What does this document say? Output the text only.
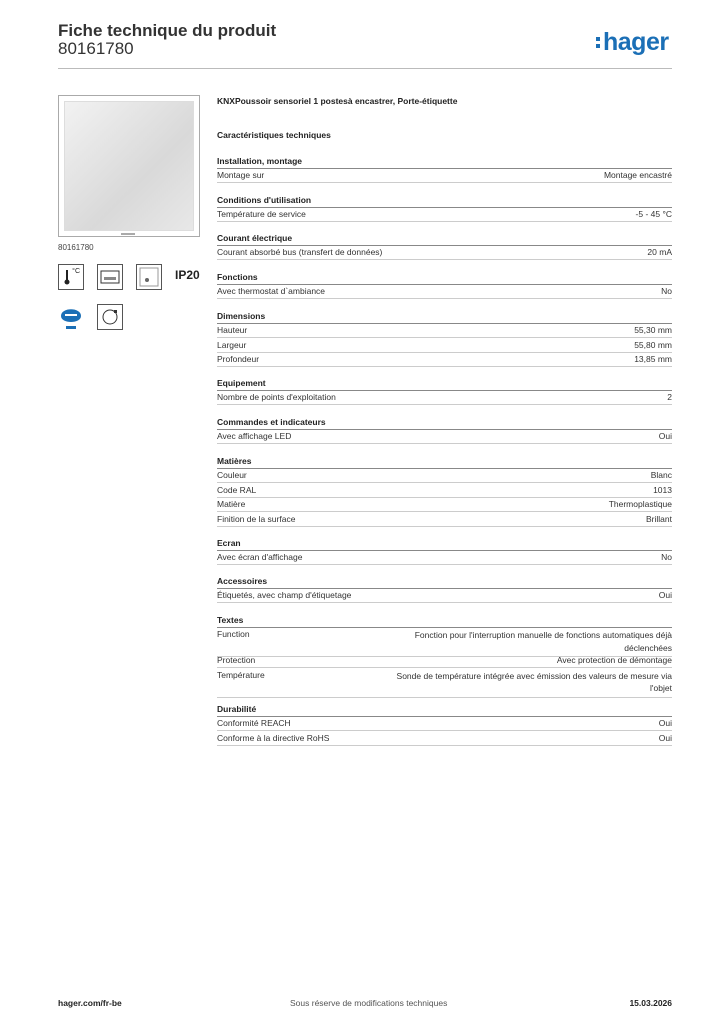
Fiche technique du produit
80161780	hager
80161780
°C	IP20
KNXPoussoir sensoriel 1 postesà encastrer, Porte-étiquette
Caractéristiques techniques
Installation, montage
Montage sur	Montage encastré
Conditions d'utilisation
Température de service	-5 - 45 °C
Courant électrique
Courant absorbé bus (transfert de données)	20 mA
Fonctions
Avec thermostat d`ambiance	No
Dimensions
Hauteur	55,30 mm
Largeur	55,80 mm
Profondeur	13,85 mm
Equipement
Nombre de points d'exploitation	2
Commandes et indicateurs
Avec affichage LED	Oui
Matières
Couleur	Blanc
Code RAL	1013
Matière	Thermoplastique
Finition de la surface	Brillant
Ecran
Avec écran d'affichage	No
Accessoires
Étiquetés, avec champ d'étiquetage	Oui
Textes
Function	Fonction pour l'interruption manuelle de fonctions automatiques déjà déclenchées
Protection	Avec protection de démontage
Température	Sonde de température intégrée avec émission des valeurs de mesure via l'objet
Durabilité
Conformité REACH	Oui
Conforme à la directive RoHS	Oui
hager.com/fr-be	Sous réserve de modifications techniques	15.03.2026
